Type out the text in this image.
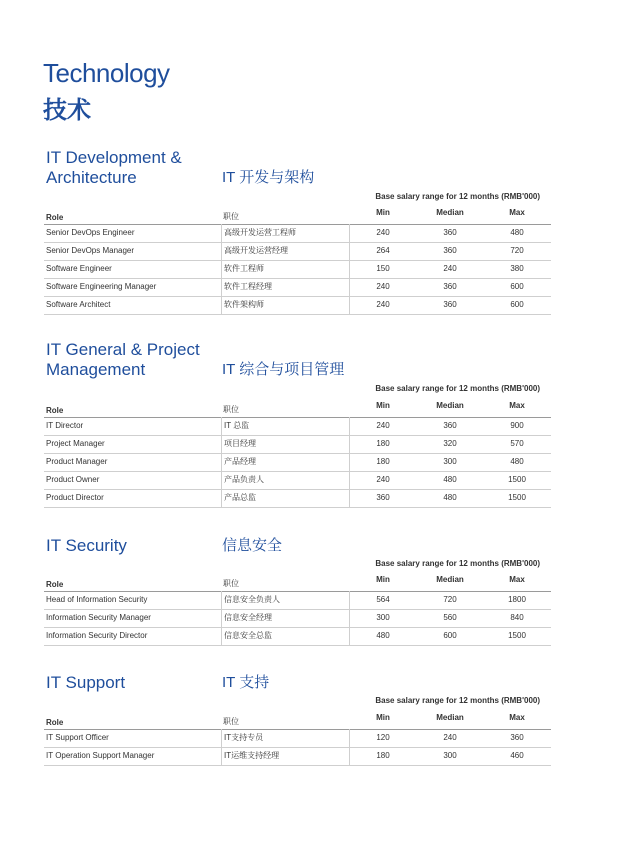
Technology
技术
IT Development &
Architecture	IT 开发与架构
Base salary range for 12 months (RMB'000)
Role	职位	Min	Median	Max
Senior DevOps Engineer	高级开发运营工程师	240	360	480
Senior DevOps Manager	高级开发运营经理	264	360	720
Software Engineer	软件工程师	150	240	380
Software Engineering Manager	软件工程经理	240	360	600
Software Architect	软件架构师	240	360	600
IT General & Project
Management	IT 综合与项目管理
Base salary range for 12 months (RMB'000)
Role	职位	Min	Median	Max
IT Director	IT 总监	240	360	900
Project Manager	项目经理	180	320	570
Product Manager	产品经理	180	300	480
Product Owner	产品负责人	240	480	1500
Product Director	产品总监	360	480	1500
IT Security	信息安全
Base salary range for 12 months (RMB'000)
Role	职位	Min	Median	Max
Head of Information Security	信息安全负责人	564	720	1800
Information Security Manager	信息安全经理	300	560	840
Information Security Director	信息安全总监	480	600	1500
IT Support	IT 支持
Base salary range for 12 months (RMB'000)
Role	职位	Min	Median	Max
IT Support Officer	IT支持专员	120	240	360
IT Operation Support Manager	IT运维支持经理	180	300	460
